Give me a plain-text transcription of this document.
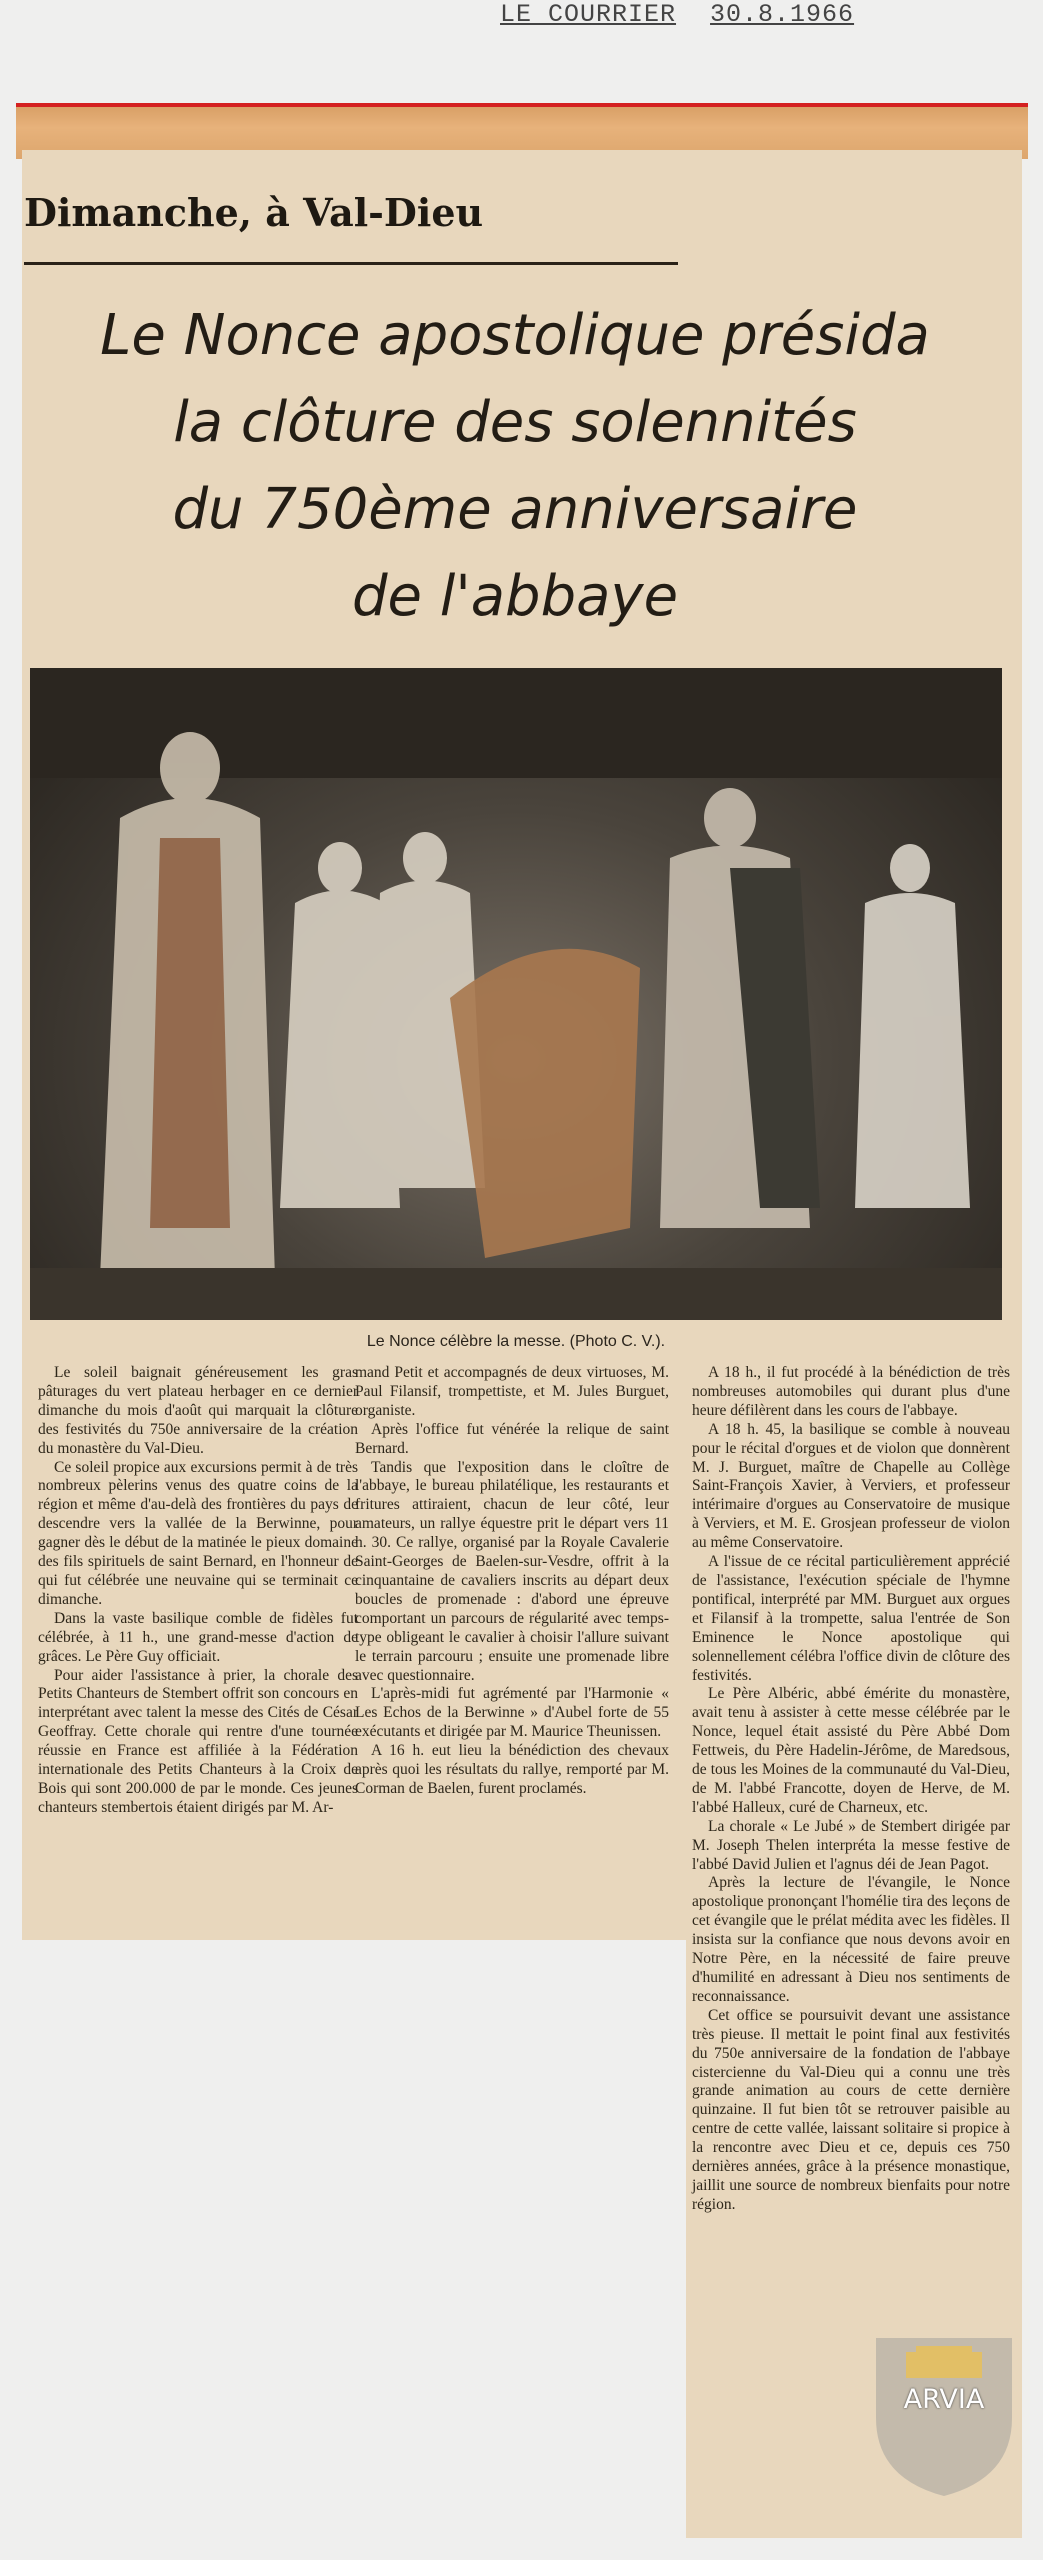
LE COURRIER 30.8.1966
Dimanche, à Val-Dieu
Le Nonce apostolique présida
la clôture des solennités
du 750ème anniversaire
de l'abbaye
Le Nonce célèbre la messe. (Photo C. V.).

Le soleil baignait généreusement les gras pâturages du vert plateau herbager en ce dernier dimanche du mois d'août qui marquait la clôture des festivités du 750e anniversaire de la création du monastère du Val-Dieu.

Ce soleil propice aux excursions permit à de très nombreux pèlerins venus des quatre coins de la région et même d'au-delà des frontières du pays de descendre vers la vallée de la Berwinne, pour gagner dès le début de la matinée le pieux domaine des fils spirituels de saint Bernard, en l'honneur de qui fut célébrée une neuvaine qui se terminait ce dimanche.

Dans la vaste basilique comble de fidèles fut célébrée, à 11 h., une grand-messe d'action de grâces. Le Père Guy officiait.

Pour aider l'assistance à prier, la chorale des Petits Chanteurs de Stembert offrit son concours en interprétant avec talent la messe des Cités de César Geoffray. Cette chorale qui rentre d'une tournée réussie en France est affiliée à la Fédération internationale des Petits Chanteurs à la Croix de Bois qui sont 200.000 de par le monde. Ces jeunes chanteurs stembertois étaient dirigés par M. Ar-

mand Petit et accompagnés de deux virtuoses, M. Paul Filansif, trompettiste, et M. Jules Burguet, organiste.

Après l'office fut vénérée la relique de saint Bernard.

Tandis que l'exposition dans le cloître de l'abbaye, le bureau philatélique, les restaurants et fritures attiraient, chacun de leur côté, leur amateurs, un rallye équestre prit le départ vers 11 h. 30. Ce rallye, organisé par la Royale Cavalerie Saint-Georges de Baelen-sur-Vesdre, offrit à la cinquantaine de cavaliers inscrits au départ deux boucles de promenade : d'abord une épreuve comportant un parcours de régularité avec temps-type obligeant le cavalier à choisir l'allure suivant le terrain parcouru ; ensuite une promenade libre avec questionnaire.

L'après-midi fut agrémenté par l'Harmonie « Les Echos de la Berwinne » d'Aubel forte de 55 exécutants et dirigée par M. Maurice Theunissen.

A 16 h. eut lieu la bénédiction des chevaux après quoi les résultats du rallye, remporté par M. Corman de Baelen, furent proclamés.

A 18 h., il fut procédé à la bénédiction de très nombreuses automobiles qui durant plus d'une heure défilèrent dans les cours de l'abbaye.

A 18 h. 45, la basilique se comble à nouveau pour le récital d'orgues et de violon que donnèrent M. J. Burguet, maître de Chapelle au Collège Saint-François Xavier, à Verviers, et professeur intérimaire d'orgues au Conservatoire de musique à Verviers, et M. E. Grosjean professeur de violon au même Conservatoire.

A l'issue de ce récital particulièrement apprécié de l'assistance, l'exécution spéciale de l'hymne pontifical, interprété par MM. Burguet aux orgues et Filansif à la trompette, salua l'entrée de Son Eminence le Nonce apostolique qui solennellement célébra l'office divin de clôture des festivités.

Le Père Albéric, abbé émérite du monastère, avait tenu à assister à cette messe célébrée par le Nonce, lequel était assisté du Père Abbé Dom Fettweis, du Père Hadelin-Jérôme, de Maredsous, de tous les Moines de la communauté du Val-Dieu, de M. l'abbé Francotte, doyen de Herve, de M. l'abbé Halleux, curé de Charneux, etc.

La chorale « Le Jubé » de Stembert dirigée par M. Joseph Thelen interpréta la messe festive de l'abbé David Julien et l'agnus déi de Jean Pagot.

Après la lecture de l'évangile, le Nonce apostolique prononçant l'homélie tira des leçons de cet évangile que le prélat médita avec les fidèles. Il insista sur la confiance que nous devons avoir en Notre Père, en la nécessité de faire preuve d'humilité en adressant à Dieu nos sentiments de reconnaissance.

Cet office se poursuivit devant une assistance très pieuse. Il mettait le point final aux festivités du 750e anniversaire de la fondation de l'abbaye cistercienne du Val-Dieu qui a connu une très grande animation au cours de cette dernière quinzaine. Il fut bien tôt se retrouver paisible au centre de cette vallée, laissant solitaire si propice à la rencontre avec Dieu et ce, depuis ces 750 dernières années, grâce à la présence monastique, jaillit une source de nombreux bienfaits pour notre région.

ARVIA
